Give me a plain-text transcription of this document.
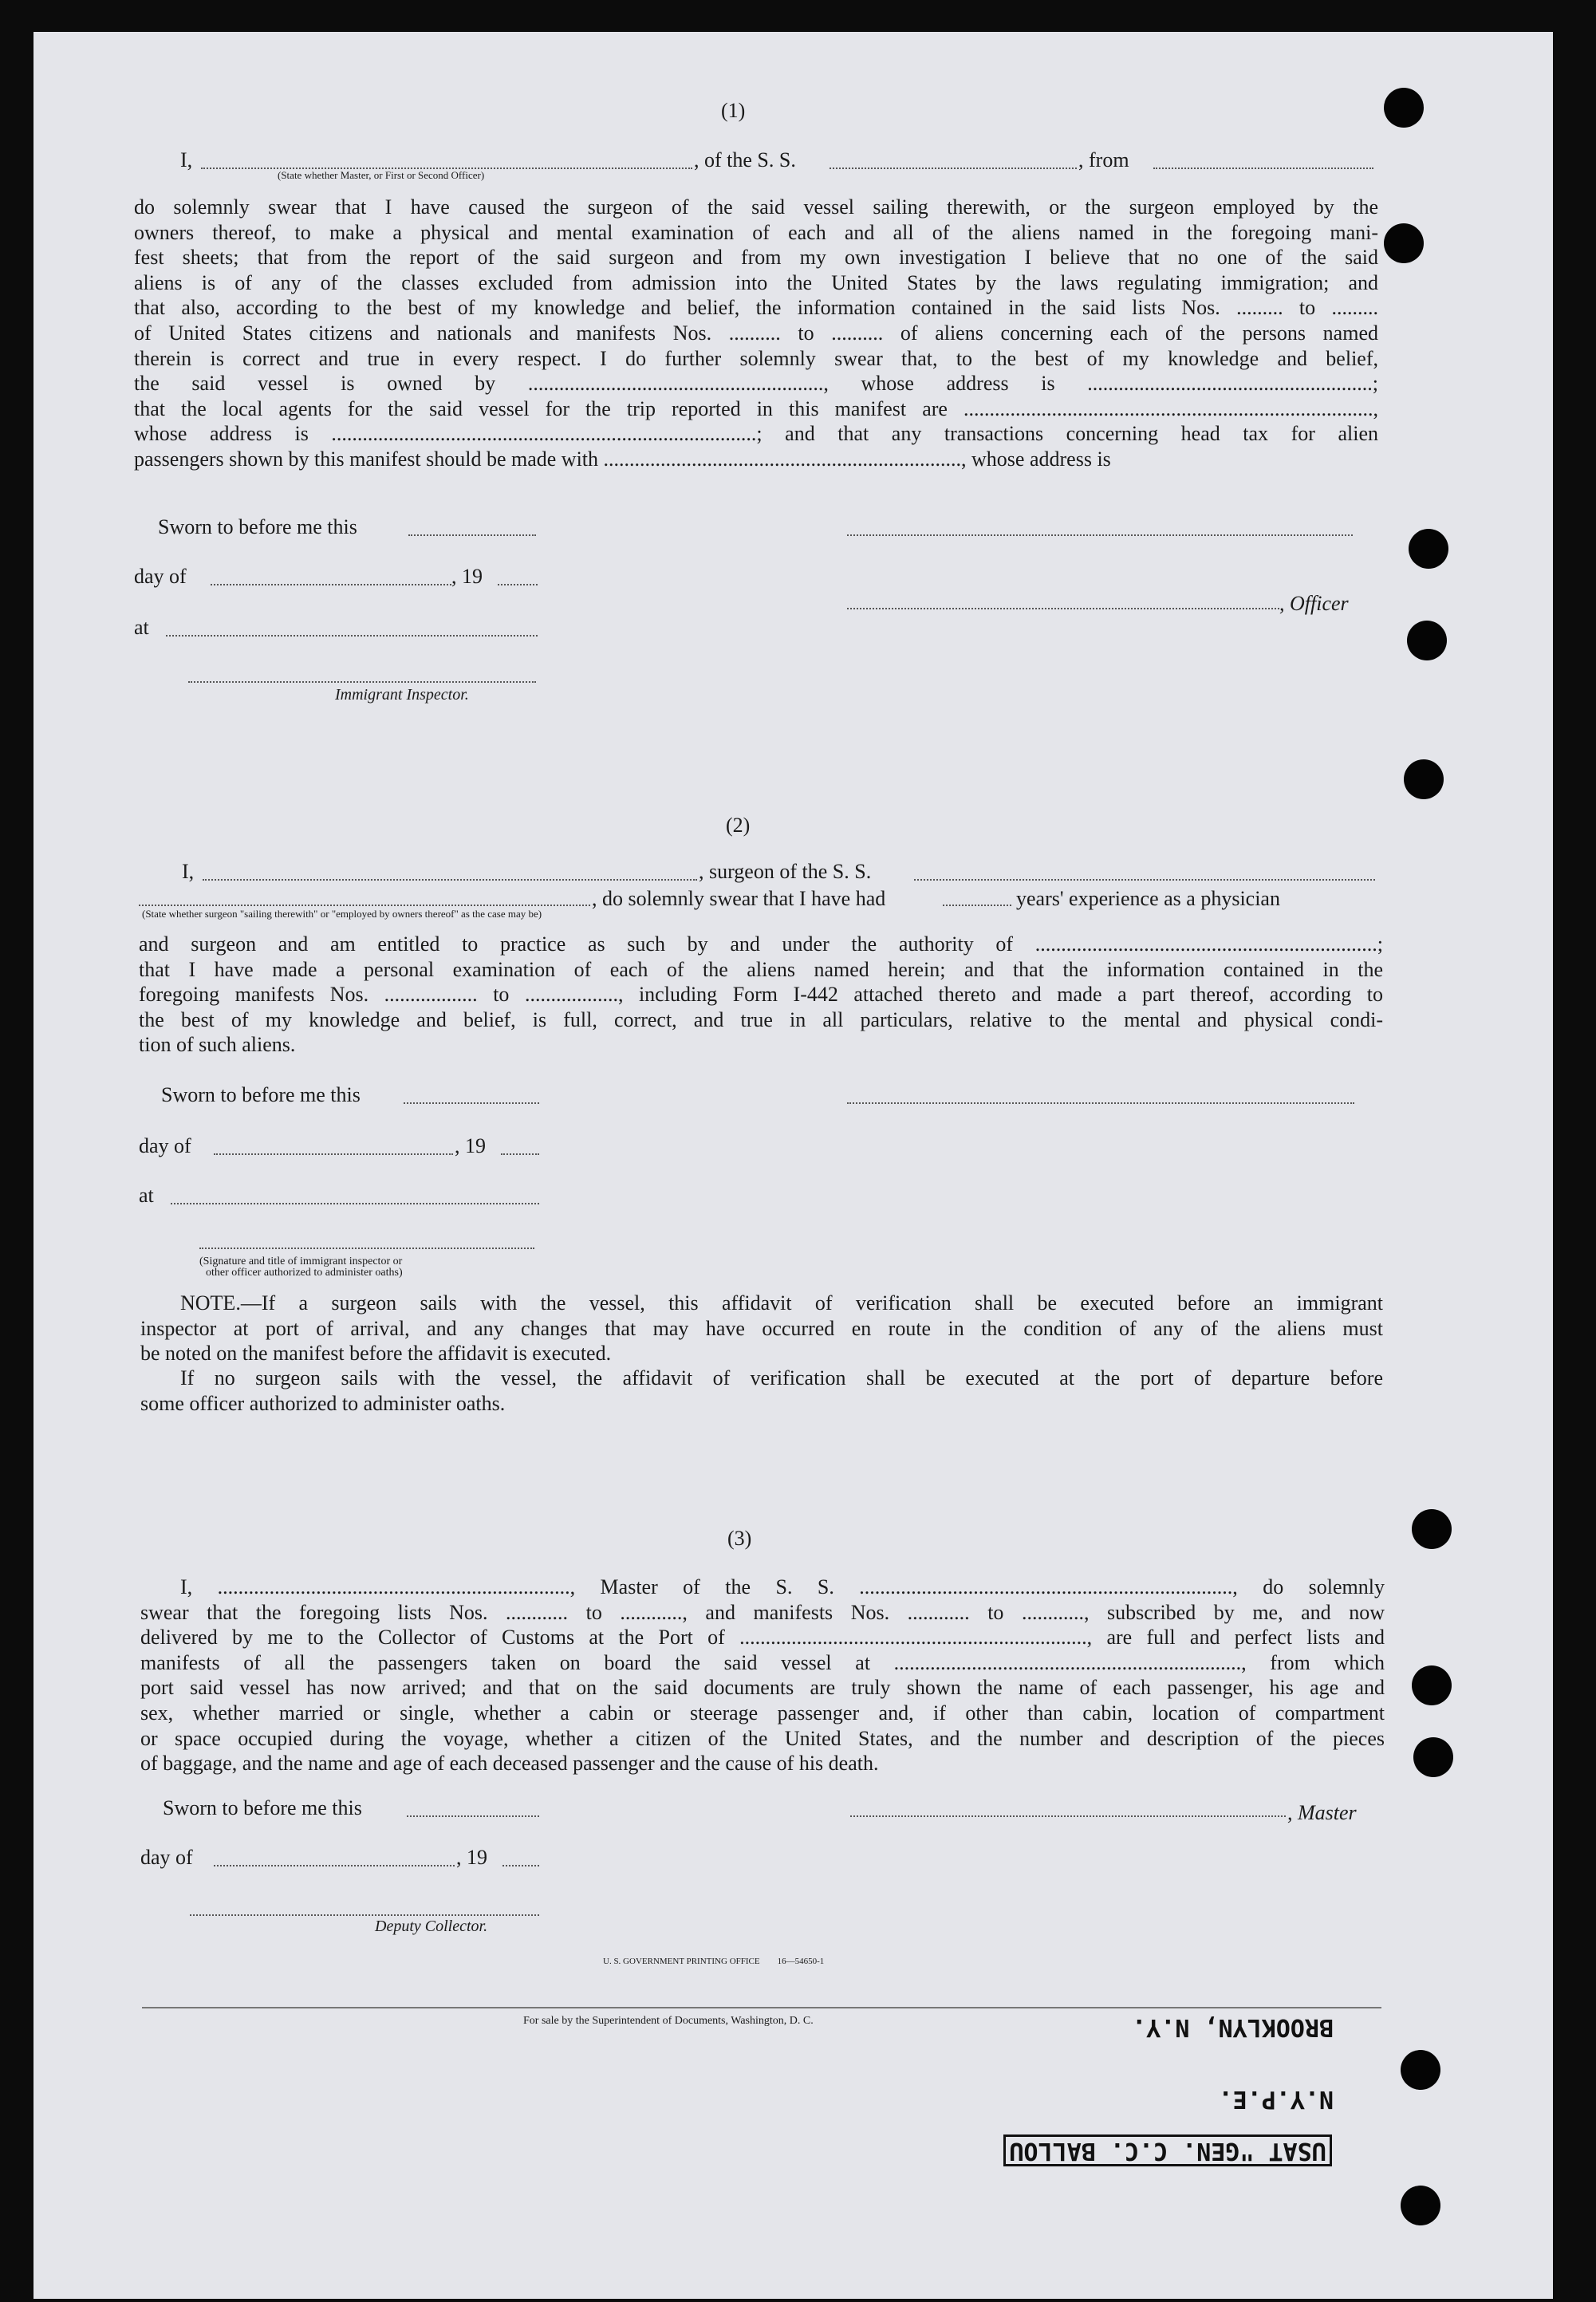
(1)
I,	, of the S. S.	, from
(State whether Master, or First or Second Officer)
do solemnly swear that I have caused the surgeon of the said vessel sailing therewith, or the surgeon employed by the
owners thereof, to make a physical and mental examination of each and all of the aliens named in the foregoing mani-
fest sheets; that from the report of the said surgeon and from my own investigation I believe that no one of the said
aliens is of any of the classes excluded from admission into the United States by the laws regulating immigration; and
that also, according to the best of my knowledge and belief, the information contained in the said lists Nos. ......... to .........
of United States citizens and nationals and manifests Nos. .......... to .......... of aliens concerning each of the persons named
therein is correct and true in every respect. I do further solemnly swear that, to the best of my knowledge and belief,
the said vessel is owned by ........................................................., whose address is .......................................................;
that the local agents for the said vessel for the trip reported in this manifest are ...............................................................................,
whose address is ..................................................................................; and that any transactions concerning head tax for alien
passengers shown by this manifest should be made with ....................................................................., whose address is
Sworn to before me this
day of	, 19
, Officer
at
Immigrant Inspector.
(2)
I,	, surgeon of the S. S.
, do solemnly swear that I have had	years' experience as a physician
(State whether surgeon "sailing therewith" or "employed by owners thereof" as the case may be)
and surgeon and am entitled to practice as such by and under the authority of ..................................................................;
that I have made a personal examination of each of the aliens named herein; and that the information contained in the
foregoing manifests Nos. .................. to .................., including Form I-442 attached thereto and made a part thereof, according to
the best of my knowledge and belief, is full, correct, and true in all particulars, relative to the mental and physical condi-
tion of such aliens.
Sworn to before me this
day of	, 19
at
(Signature and title of immigrant inspector or
other officer authorized to administer oaths)
NOTE.—If a surgeon sails with the vessel, this affidavit of verification shall be executed before an immigrant
inspector at port of arrival, and any changes that may have occurred en route in the condition of any of the aliens must
be noted on the manifest before the affidavit is executed.
If no surgeon sails with the vessel, the affidavit of verification shall be executed at the port of departure before
some officer authorized to administer oaths.
(3)
I, ...................................................................., Master of the S. S. ........................................................................, do solemnly
swear that the foregoing lists Nos. ............ to ............, and manifests Nos. ............ to ............, subscribed by me, and now
delivered by me to the Collector of Customs at the Port of ..................................................................., are full and perfect lists and
manifests of all the passengers taken on board the said vessel at ..................................................................., from which
port said vessel has now arrived; and that on the said documents are truly shown the name of each passenger, his age and
sex, whether married or single, whether a cabin or steerage passenger and, if other than cabin, location of compartment
or space occupied during the voyage, whether a citizen of the United States, and the number and description of the pieces
of baggage, and the name and age of each deceased passenger and the cause of his death.
Sworn to before me this	, Master
day of	, 19
Deputy Collector.
U. S. GOVERNMENT PRINTING OFFICE        16—54650-1
For sale by the Superintendent of Documents, Washington, D. C.

USAT "GEN. C.C. BALLOU

N.Y.P.E.

BROOKLYN, N.Y.
